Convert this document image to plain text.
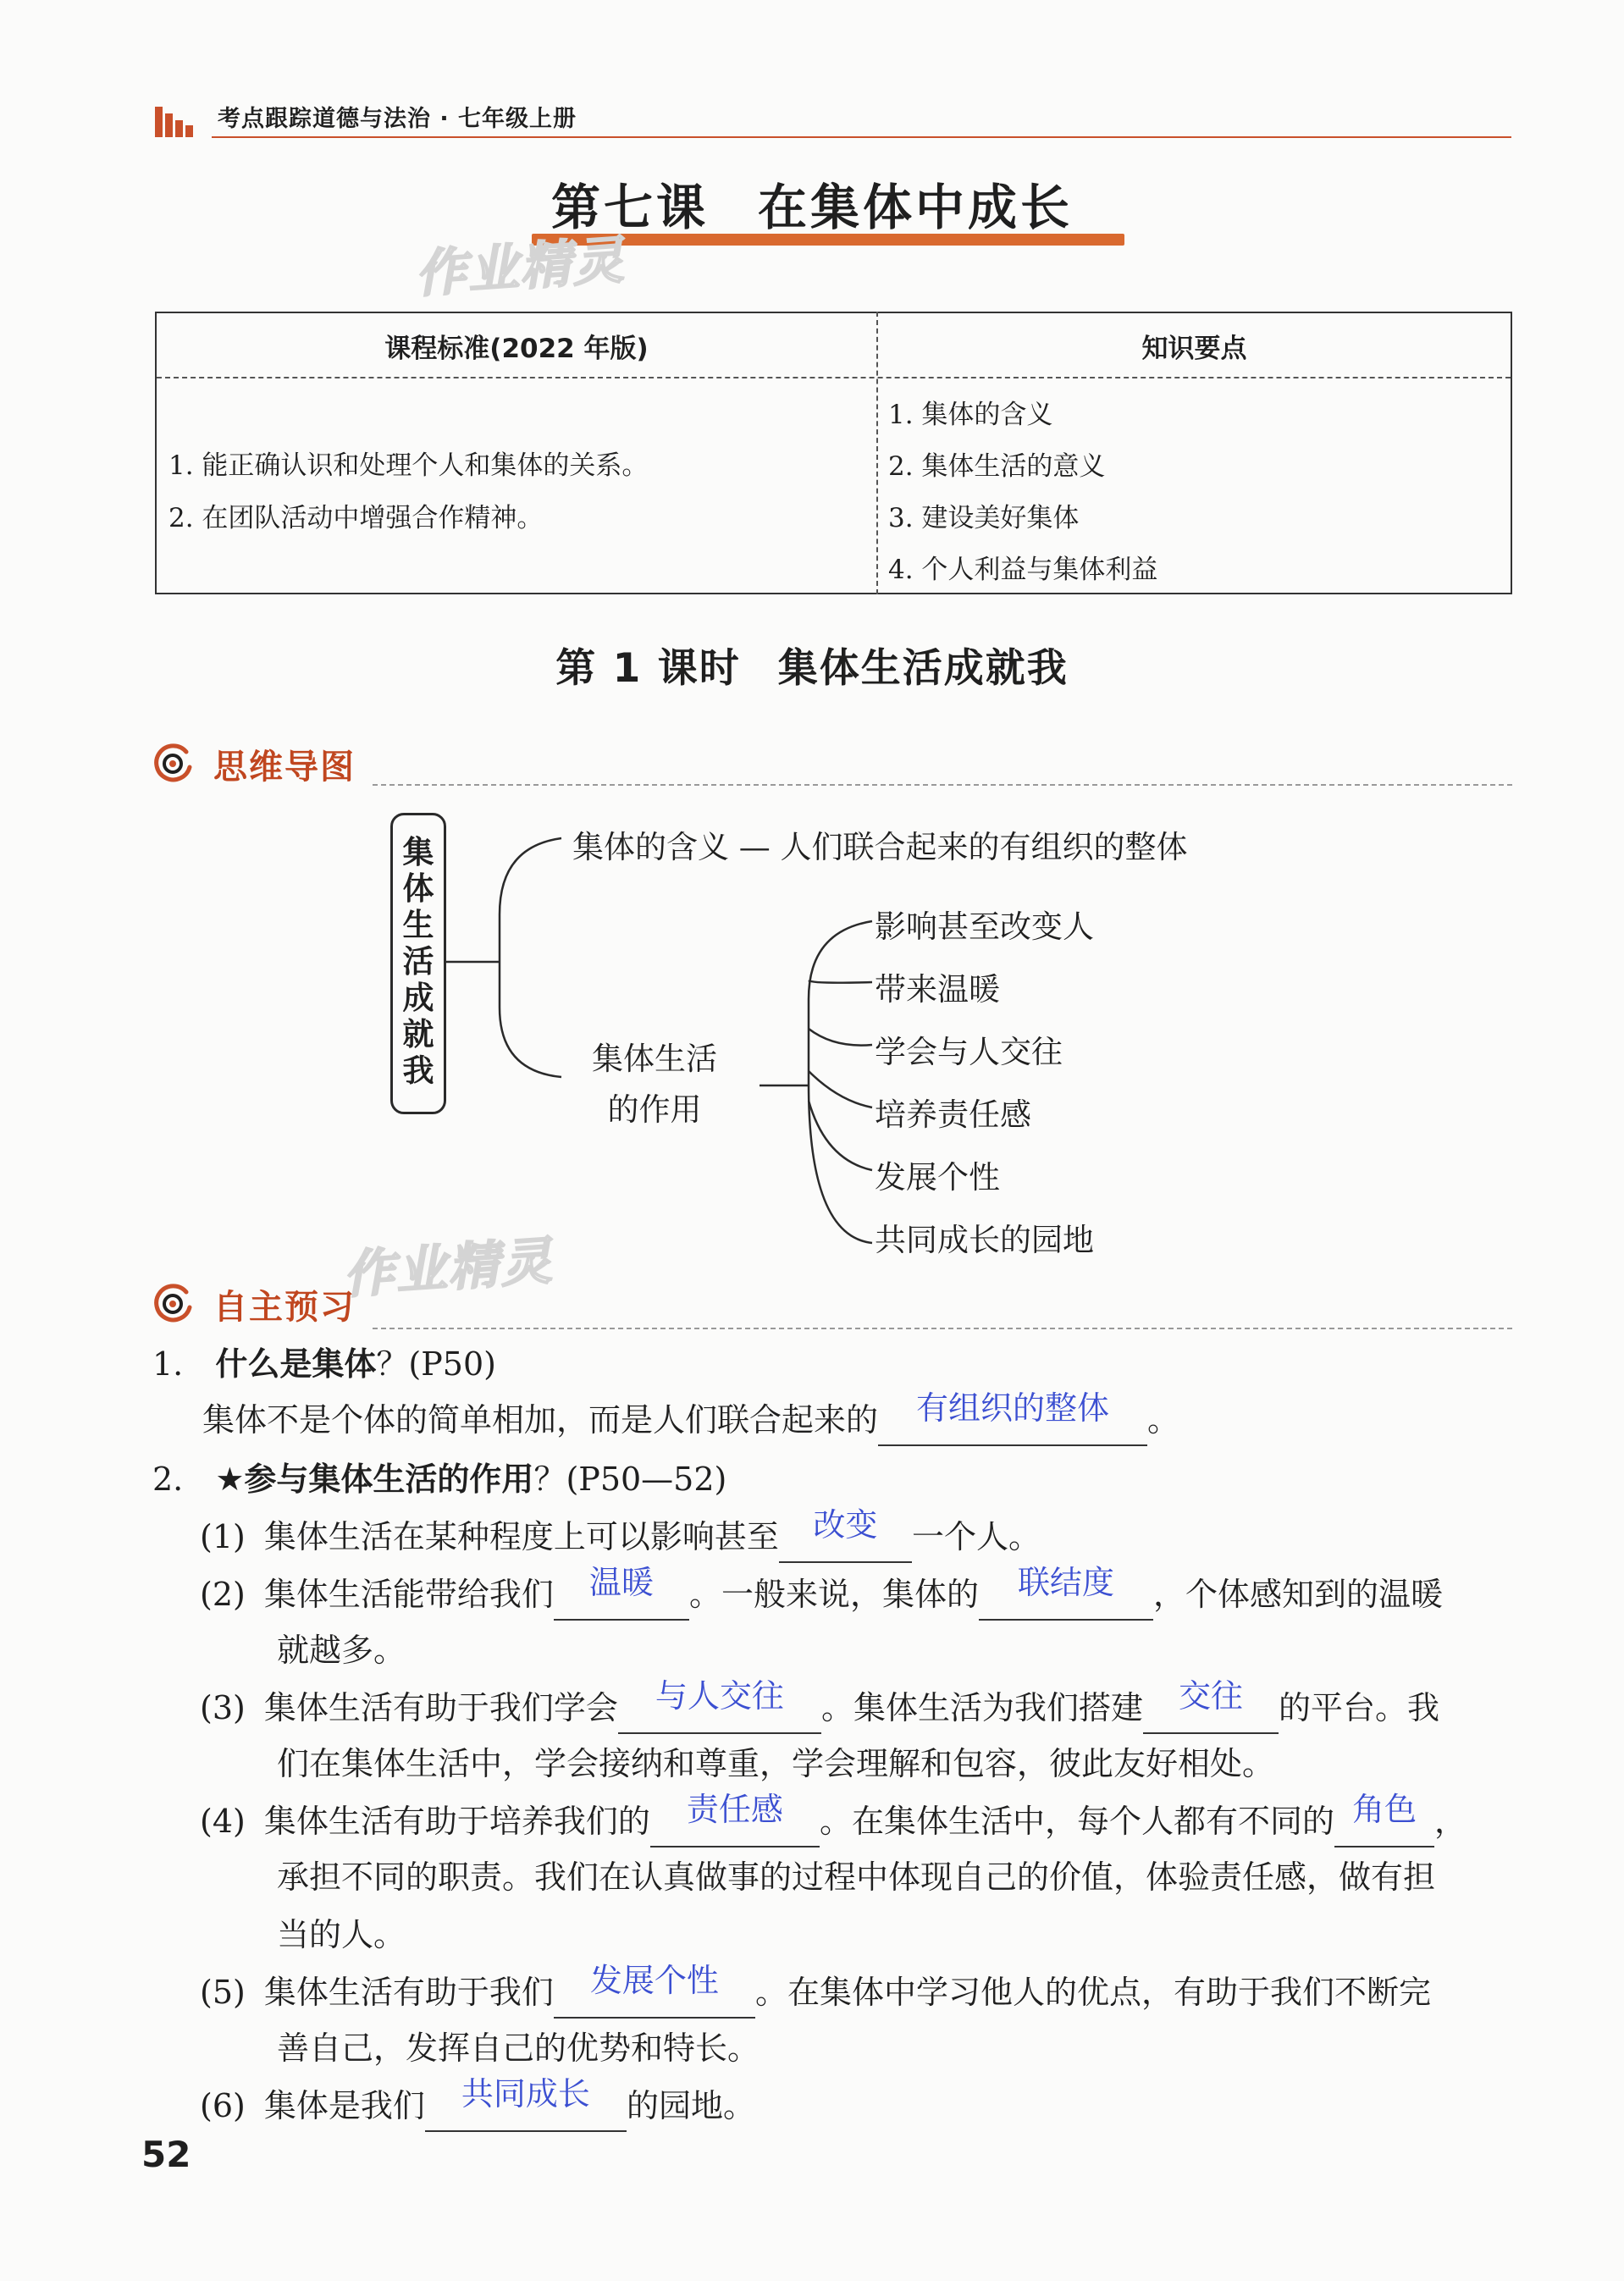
考点跟踪道德与法治 · 七年级上册
第七课 在集体中成长
作业精灵
作业精灵
课程标准(2022 年版)	知识要点
1. 能正确认识和处理个人和集体的关系。
2. 在团队活动中增强合作精神。
1. 集体的含义
2. 集体生活的意义
3. 建设美好集体
4. 个人利益与集体利益
第 1 课时 集体生活成就我
思维导图
集
体
生
活
成
就
我
集体的含义 — 人们联合起来的有组织的整体
集体生活
的作用
影响甚至改变人
带来温暖
学会与人交往
培养责任感
发展个性
共同成长的园地
自主预习
1. 什么是集体？(P50)
集体不是个体的简单相加，而是人们联合起来的 有组织的整体 。
2. ★参与集体生活的作用？(P50—52)
(1) 集体生活在某种程度上可以影响甚至 改变 一个人。
(2) 集体生活能带给我们 温暖 。一般来说，集体的 联结度 ，个体感知到的温暖
就越多。
(3) 集体生活有助于我们学会 与人交往 。集体生活为我们搭建 交往 的平台。我
们在集体生活中，学会接纳和尊重，学会理解和包容，彼此友好相处。
(4) 集体生活有助于培养我们的 责任感 。在集体生活中，每个人都有不同的 角色 ，
承担不同的职责。我们在认真做事的过程中体现自己的价值，体验责任感，做有担
当的人。
(5) 集体生活有助于我们 发展个性 。在集体中学习他人的优点，有助于我们不断完
善自己，发挥自己的优势和特长。
(6) 集体是我们 共同成长 的园地。
52
